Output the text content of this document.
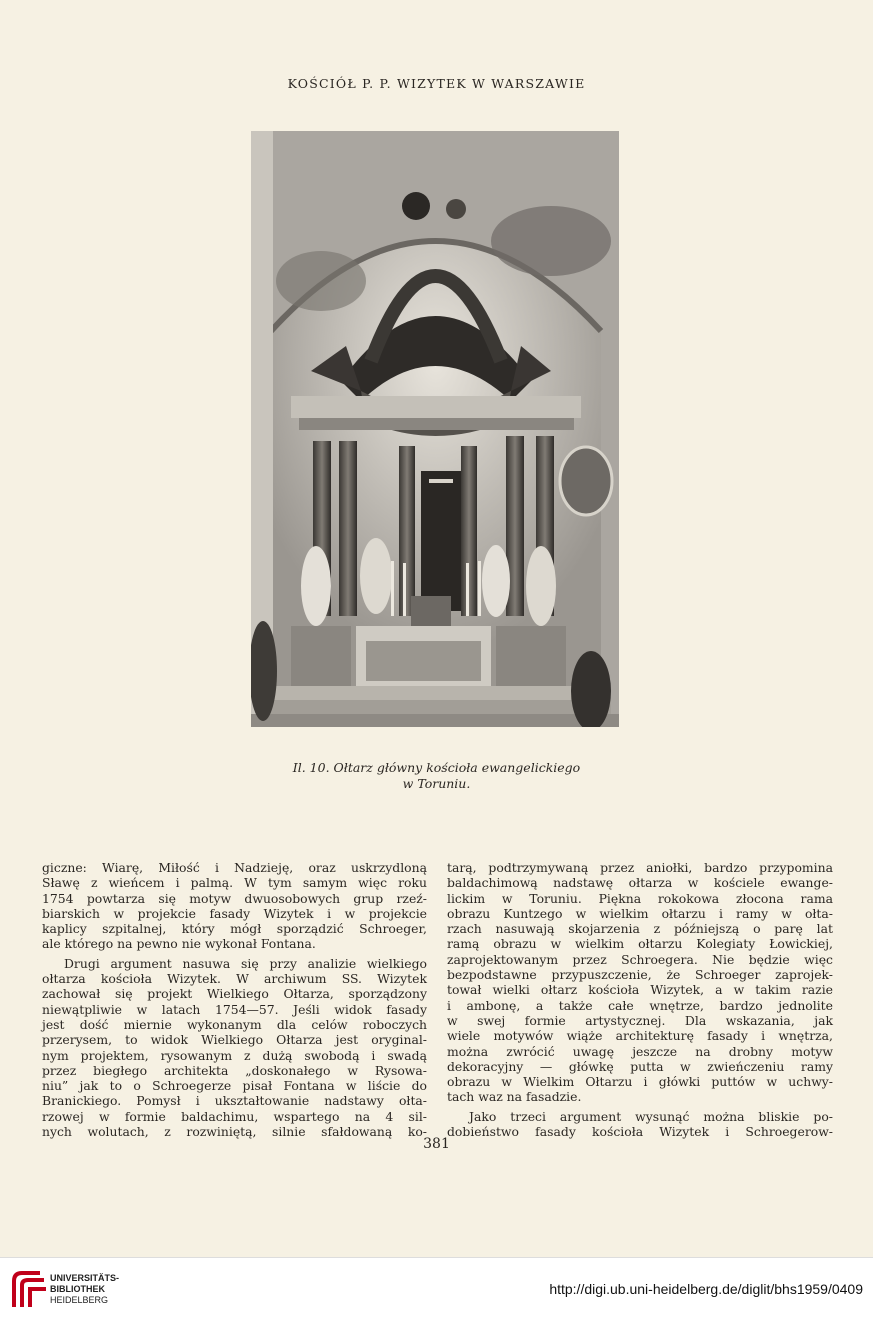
KOŚCIÓŁ P. P. WIZYTEK W WARSZAWIE
Il. 10. Ołtarz główny kościoła ewangelickiego
w Toruniu.
giczne: Wiarę, Miłość i Nadzieję, oraz uskrzydloną
Sławę z wieńcem i palmą. W tym samym więc roku
1754 powtarza się motyw dwuosobowych grup rzeź-
biarskich w projekcie fasady Wizytek i w projekcie
kaplicy szpitalnej, który mógł sporządzić Schroeger,
ale którego na pewno nie wykonał Fontana.
Drugi argument nasuwa się przy analizie wielkiego
ołtarza kościoła Wizytek. W archiwum SS. Wizytek
zachował się projekt Wielkiego Ołtarza, sporządzony
niewątpliwie w latach 1754—57. Jeśli widok fasady
jest dość miernie wykonanym dla celów roboczych
przerysem, to widok Wielkiego Ołtarza jest oryginal-
nym projektem, rysowanym z dużą swobodą i swadą
przez biegłego architekta „doskonałego w Rysowa-
niu” jak to o Schroegerze pisał Fontana w liście do
Branickiego. Pomysł i ukształtowanie nadstawy ołta-
rzowej w formie baldachimu, wspartego na 4 sil-
nych wolutach, z rozwiniętą, silnie sfałdowaną ko-
tarą, podtrzymywaną przez aniołki, bardzo przypomina
baldachimową nadstawę ołtarza w kościele ewange-
lickim w Toruniu. Piękna rokokowa złocona rama
obrazu Kuntzego w wielkim ołtarzu i ramy w ołta-
rzach nasuwają skojarzenia z późniejszą o parę lat
ramą obrazu w wielkim ołtarzu Kolegiaty Łowickiej,
zaprojektowanym przez Schroegera. Nie będzie więc
bezpodstawne przypuszczenie, że Schroeger zaprojek-
tował wielki ołtarz kościoła Wizytek, a w takim razie
i ambonę, a także całe wnętrze, bardzo jednolite
w swej formie artystycznej. Dla wskazania, jak
wiele motywów wiąże architekturę fasady i wnętrza,
można zwrócić uwagę jeszcze na drobny motyw
dekoracyjny — główkę putta w zwieńczeniu ramy
obrazu w Wielkim Ołtarzu i główki puttów w uchwy-
tach waz na fasadzie.
Jako trzeci argument wysunąć można bliskie po-
dobieństwo fasady kościoła Wizytek i Schroegerow-
381
UNIVERSITÄTS-
BIBLIOTHEK
HEIDELBERG
http://digi.ub.uni-heidelberg.de/diglit/bhs1959/0409
